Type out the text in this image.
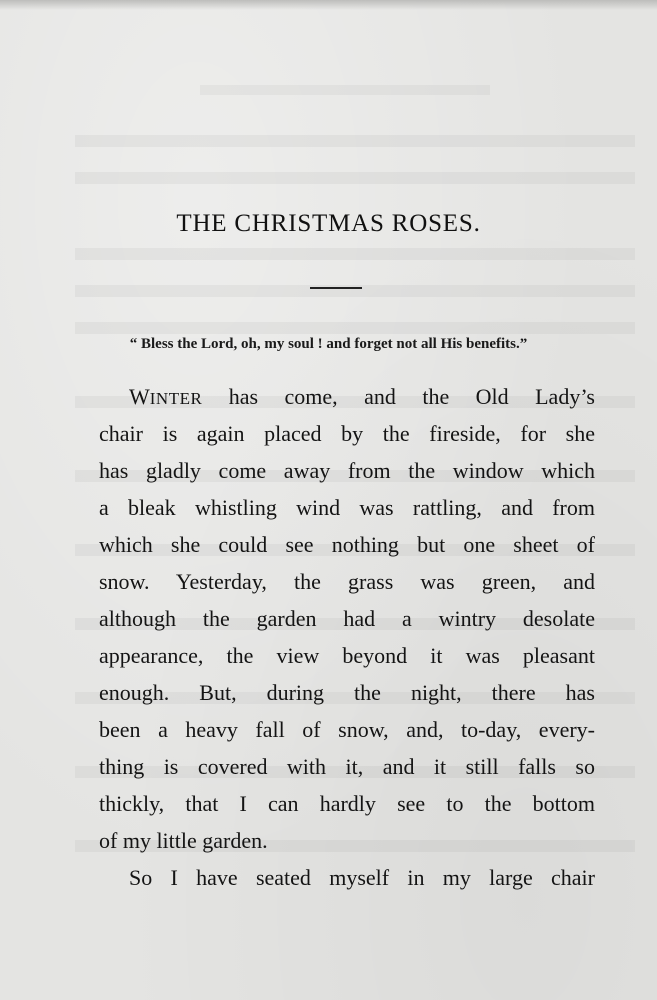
THE CHRISTMAS ROSES.
“ Bless the Lord, oh, my soul ! and forget not all His benefits.”
WINTER has come, and the Old Lady’s
chair is again placed by the fireside, for she
has gladly come away from the window which
a bleak whistling wind was rattling, and from
which she could see nothing but one sheet of
snow. Yesterday, the grass was green, and
although the garden had a wintry desolate
appearance, the view beyond it was pleasant
enough. But, during the night, there has
been a heavy fall of snow, and, to-day, every-
thing is covered with it, and it still falls so
thickly, that I can hardly see to the bottom
of my little garden.
So I have seated myself in my large chair
